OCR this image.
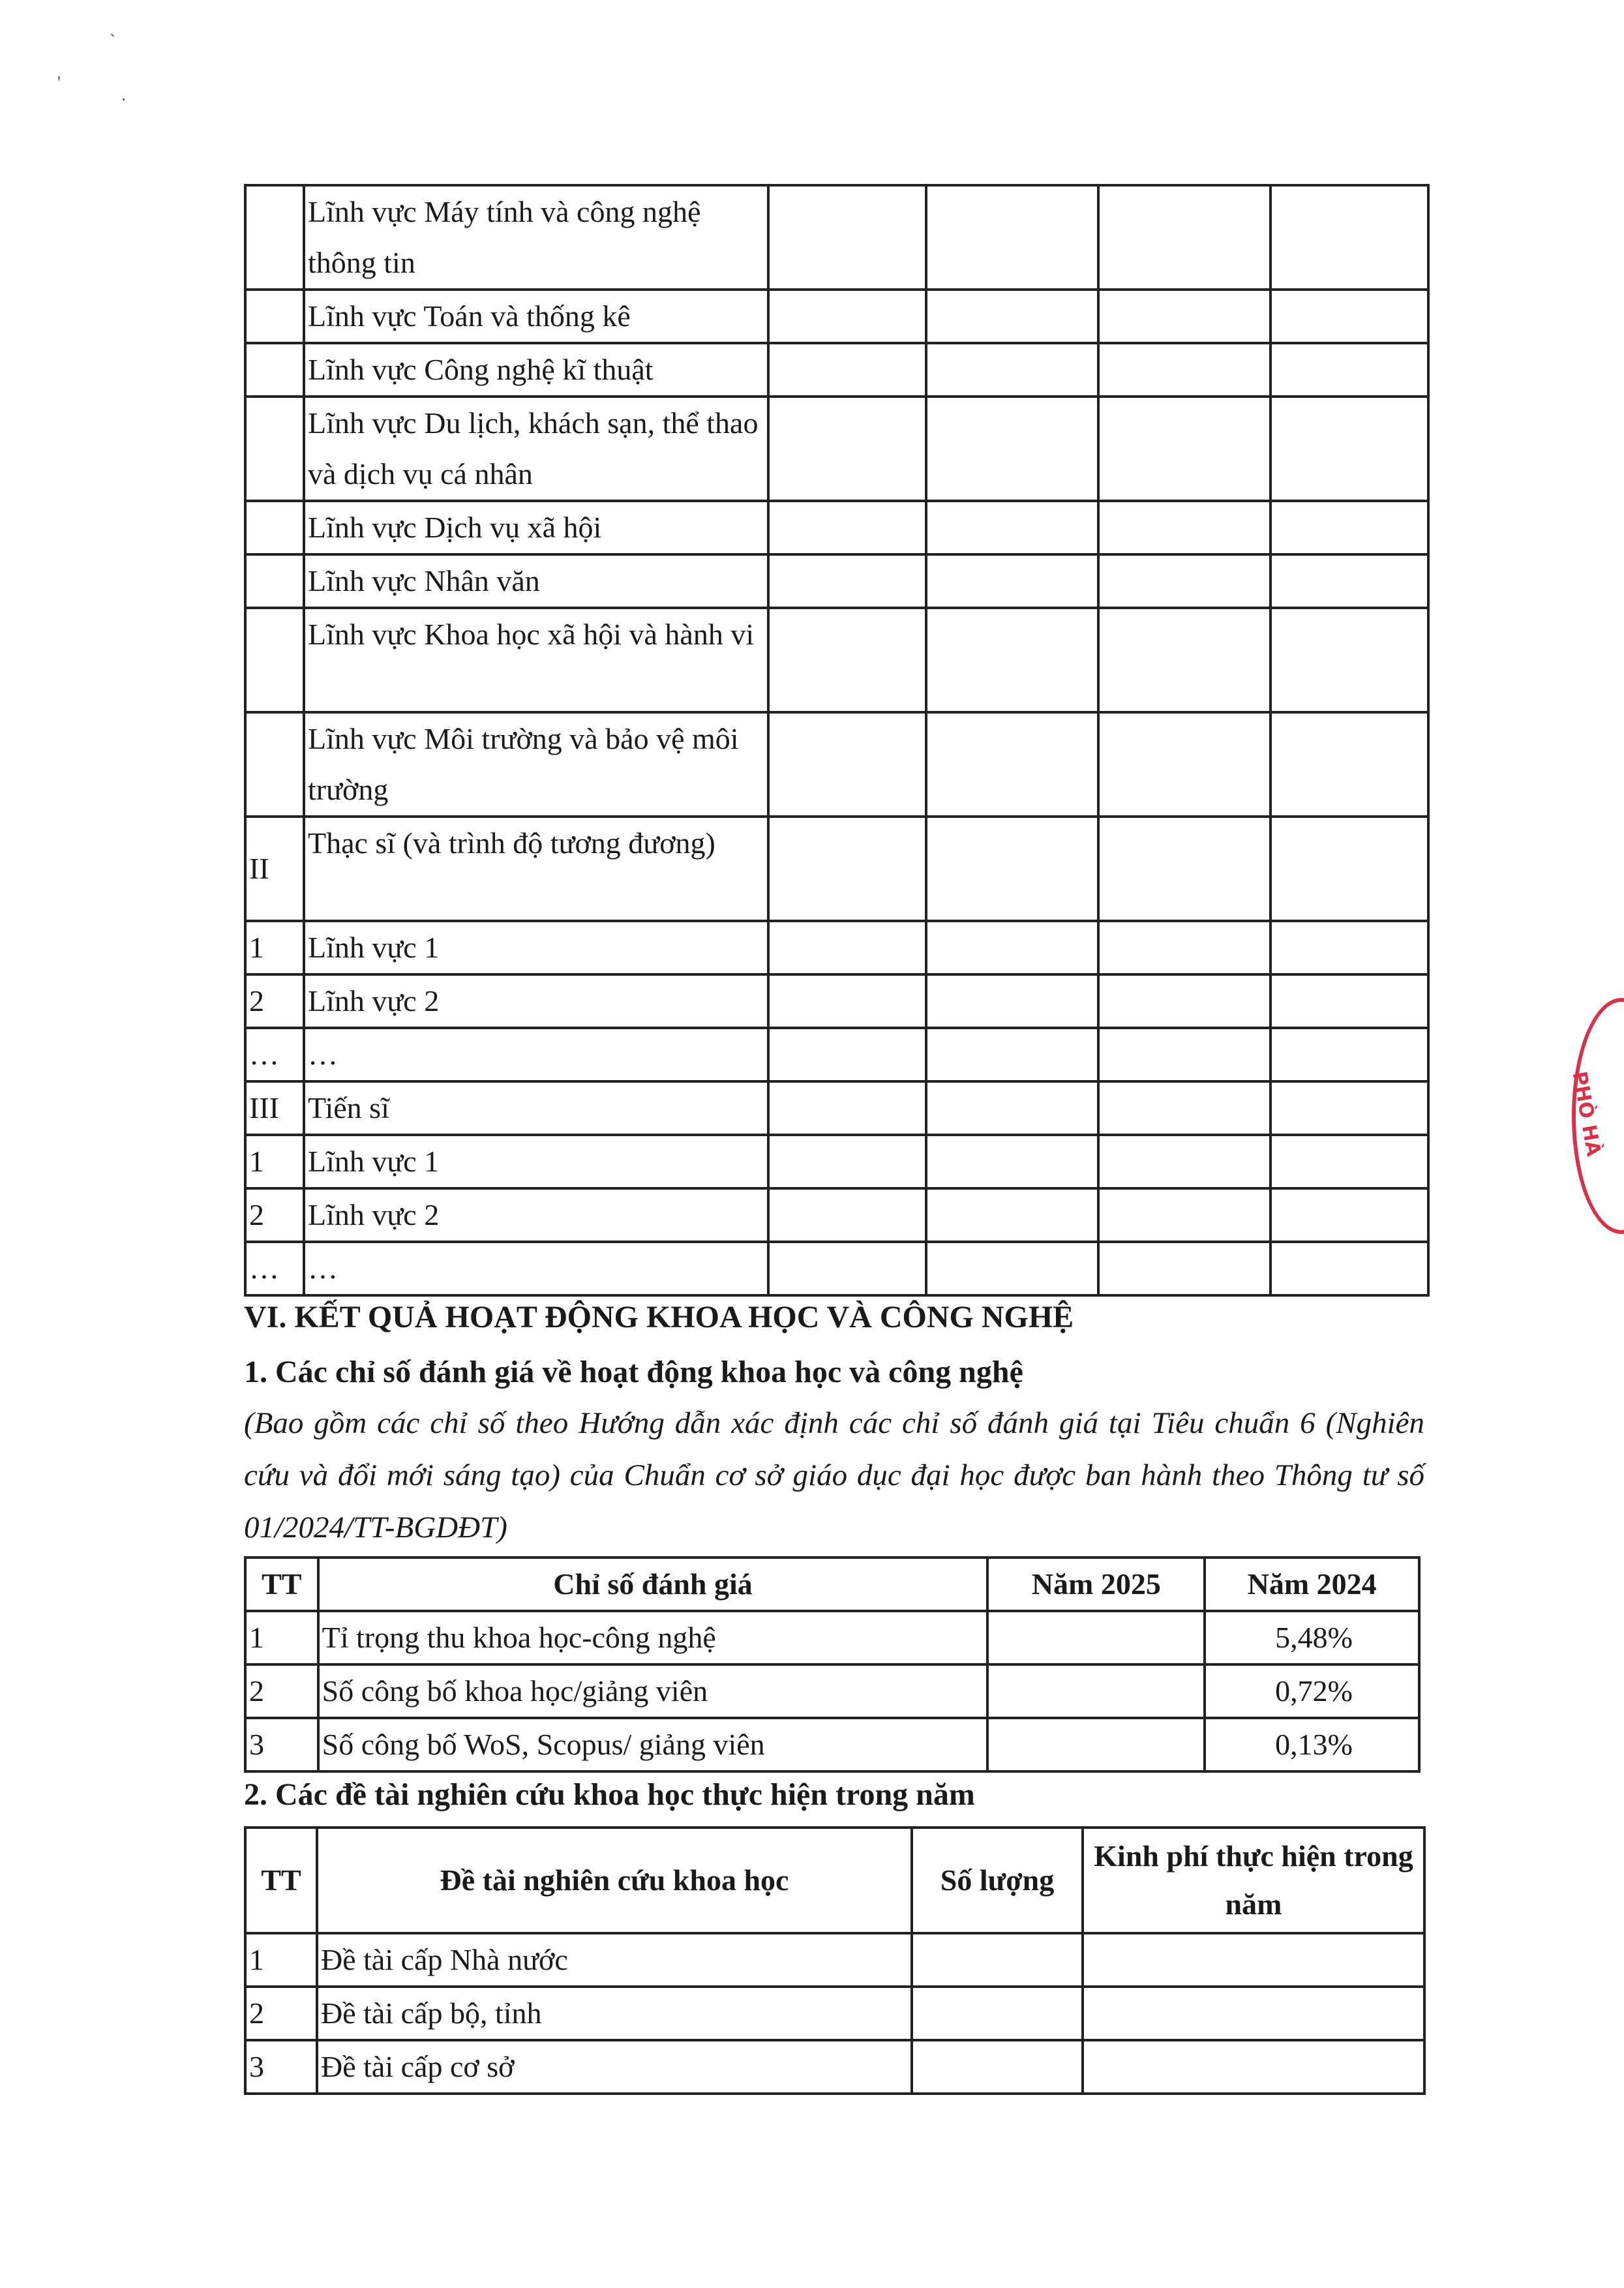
`
'
.
	Lĩnh vực Máy tính và công nghệ thông tin				
	Lĩnh vực Toán và thống kê				
	Lĩnh vực Công nghệ kĩ thuật				
	Lĩnh vực Du lịch, khách sạn, thể thao và dịch vụ cá nhân				
	Lĩnh vực Dịch vụ xã hội				
	Lĩnh vực Nhân văn				
	Lĩnh vực Khoa học xã hội và hành vi				
	Lĩnh vực Môi trường và bảo vệ môi trường				
II	Thạc sĩ (và trình độ tương đương)				
1	Lĩnh vực 1				
2	Lĩnh vực 2				
…	…				
III	Tiến sĩ				
1	Lĩnh vực 1				
2	Lĩnh vực 2				
…	…				
VI. KẾT QUẢ HOẠT ĐỘNG KHOA HỌC VÀ CÔNG NGHỆ
1. Các chỉ số đánh giá về hoạt động khoa học và công nghệ
(Bao gồm các chỉ số theo Hướng dẫn xác định các chỉ số đánh giá tại Tiêu chuẩn 6 (Nghiên cứu và đổi mới sáng tạo) của Chuẩn cơ sở giáo dục đại học được ban hành theo Thông tư số 01/2024/TT-BGDĐT)
TT	Chỉ số đánh giá	Năm 2025	Năm 2024
1	Tỉ trọng thu khoa học-công nghệ		5,48%
2	Số công bố khoa học/giảng viên		0,72%
3	Số công bố WoS, Scopus/ giảng viên		0,13%
2. Các đề tài nghiên cứu khoa học thực hiện trong năm
TT	Đề tài nghiên cứu khoa học	Số lượng	Kinh phí thực hiện trong năm
1	Đề tài cấp Nhà nước		
2	Đề tài cấp bộ, tỉnh		
3	Đề tài cấp cơ sở		
PHÒ HÀ
